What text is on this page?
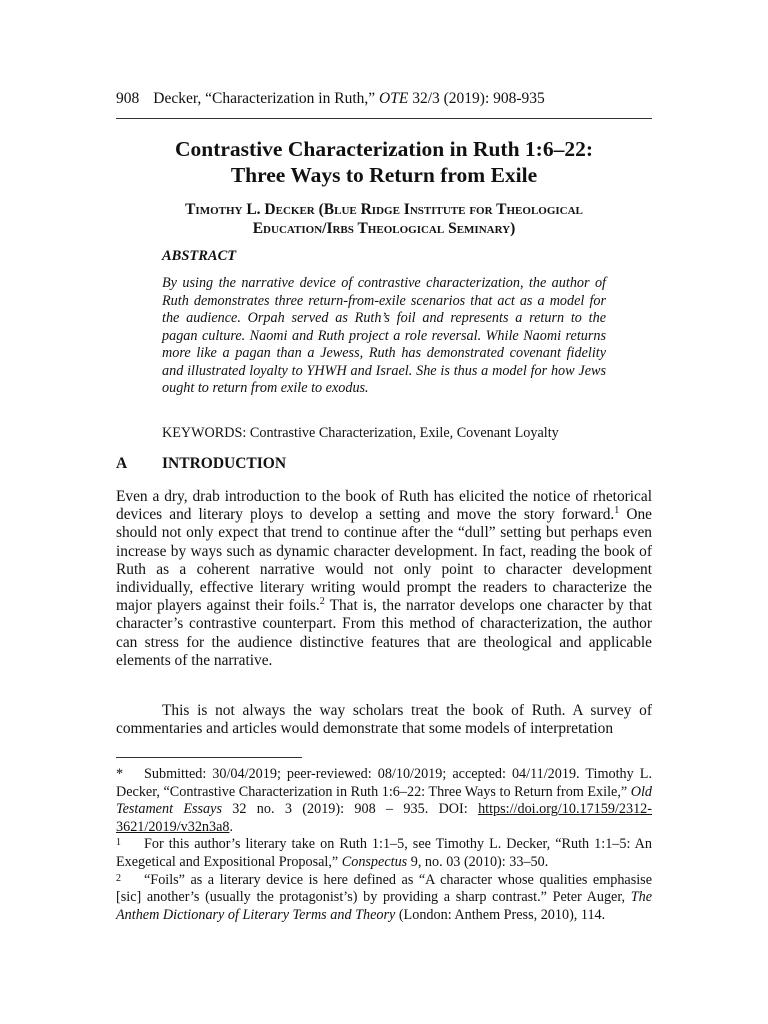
908 Decker, “Characterization in Ruth,” OTE 32/3 (2019): 908-935
Contrastive Characterization in Ruth 1:6–22:
Three Ways to Return from Exile
Timothy L. Decker (Blue Ridge Institute for Theological
Education/Irbs Theological Seminary)
ABSTRACT
By using the narrative device of contrastive characterization, the author of Ruth demonstrates three return-from-exile scenarios that act as a model for the audience. Orpah served as Ruth’s foil and represents a return to the pagan culture. Naomi and Ruth project a role reversal. While Naomi returns more like a pagan than a Jewess, Ruth has demonstrated covenant fidelity and illustrated loyalty to YHWH and Israel. She is thus a model for how Jews ought to return from exile to exodus.
KEYWORDS: Contrastive Characterization, Exile, Covenant Loyalty
A INTRODUCTION
Even a dry, drab introduction to the book of Ruth has elicited the notice of rhetorical devices and literary ploys to develop a setting and move the story forward.$^1$ One should not only expect that trend to continue after the “dull” setting but perhaps even increase by ways such as dynamic character development. In fact, reading the book of Ruth as a coherent narrative would not only point to character development individually, effective literary writing would prompt the readers to characterize the major players against their foils.$^2$ That is, the narrator develops one character by that character’s contrastive counterpart. From this method of characterization, the author can stress for the audience distinctive features that are theological and applicable elements of the narrative.
This is not always the way scholars treat the book of Ruth. A survey of commentaries and articles would demonstrate that some models of interpretation

* Submitted: 30/04/2019; peer-reviewed: 08/10/2019; accepted: 04/11/2019. Timothy L. Decker, “Contrastive Characterization in Ruth 1:6–22: Three Ways to Return from Exile,” Old Testament Essays 32 no. 3 (2019): 908 – 935. DOI: https://doi.org/10.17159/2312-3621/2019/v32n3a8.

1 For this author’s literary take on Ruth 1:1–5, see Timothy L. Decker, “Ruth 1:1–5: An Exegetical and Expositional Proposal,” Conspectus 9, no. 03 (2010): 33–50.

2 “Foils” as a literary device is here defined as “A character whose qualities emphasise [sic] another’s (usually the protagonist’s) by providing a sharp contrast.” Peter Auger, The Anthem Dictionary of Literary Terms and Theory (London: Anthem Press, 2010), 114.
